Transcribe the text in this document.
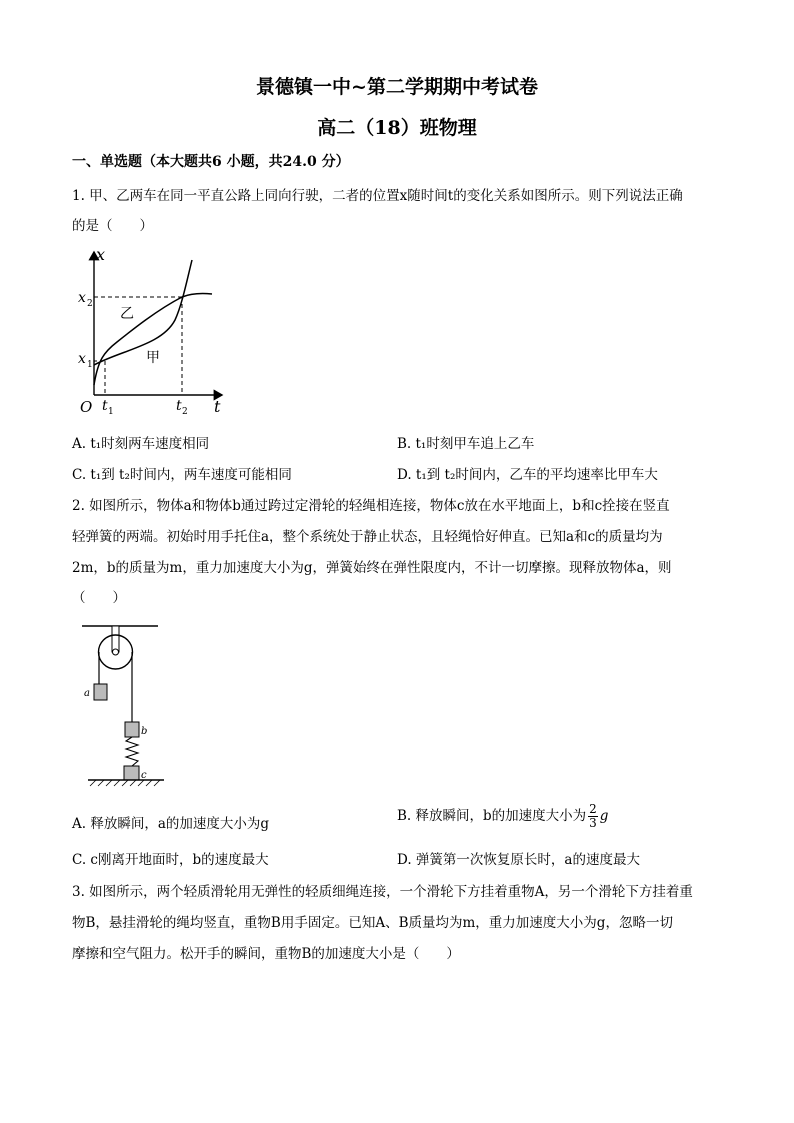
景德镇一中~第二学期期中考试卷
高二（18）班物理
一、单选题（本大题共6 小题，共24.0 分）
1. 甲、乙两车在同一平直公路上同向行驶，二者的位置x随时间t的变化关系如图所示。则下列说法正确
的是（　　）
x
t
O
x 2
x 1
t 1	t 2
乙
甲
A. t₁时刻两车速度相同	B. t₁时刻甲车追上乙车
C. t₁到 t₂时间内，两车速度可能相同	D. t₁到 t₂时间内，乙车的平均速率比甲车大
2. 如图所示，物体a和物体b通过跨过定滑轮的轻绳相连接，物体c放在水平地面上，b和c拴接在竖直
轻弹簧的两端。初始时用手托住a，整个系统处于静止状态，且轻绳恰好伸直。已知a和c的质量均为
2m，b的质量为m，重力加速度大小为g，弹簧始终在弹性限度内，不计一切摩擦。现释放物体a，则
（　　）
a
b
c
A. 释放瞬间，a的加速度大小为g	B. 释放瞬间，b的加速度大小为 $\frac{2}{3}$ g
C. c刚离开地面时，b的速度最大	D. 弹簧第一次恢复原长时，a的速度最大
3. 如图所示，两个轻质滑轮用无弹性的轻质细绳连接，一个滑轮下方挂着重物A，另一个滑轮下方挂着重
物B，悬挂滑轮的绳均竖直，重物B用手固定。已知A、B质量均为m，重力加速度大小为g，忽略一切
摩擦和空气阻力。松开手的瞬间，重物B的加速度大小是（　　）
